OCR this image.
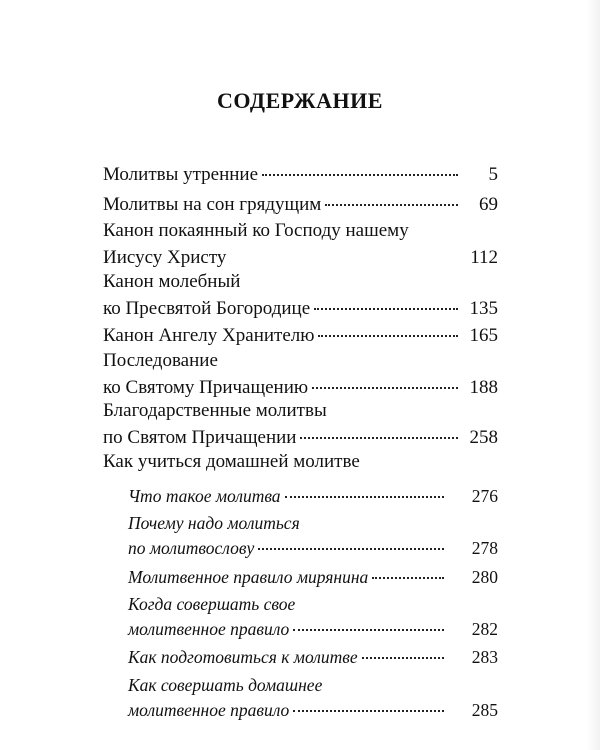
СОДЕРЖАНИЕ
Молитвы утренние	5
Молитвы на сон грядущим	69
Канон покаянный ко Господу нашему
Иисусу Христу	112
Канон молебный
ко Пресвятой Богородице	135
Канон Ангелу Хранителю	165
Последование
ко Святому Причащению	188
Благодарственные молитвы
по Святом Причащении	258
Как учиться домашней молитве
Что такое молитва	276
Почему надо молиться
по молитвослову	278
Молитвенное правило мирянина	280
Когда совершать свое
молитвенное правило	282
Как подготовиться к молитве	283
Как совершать домашнее
молитвенное правило	285
